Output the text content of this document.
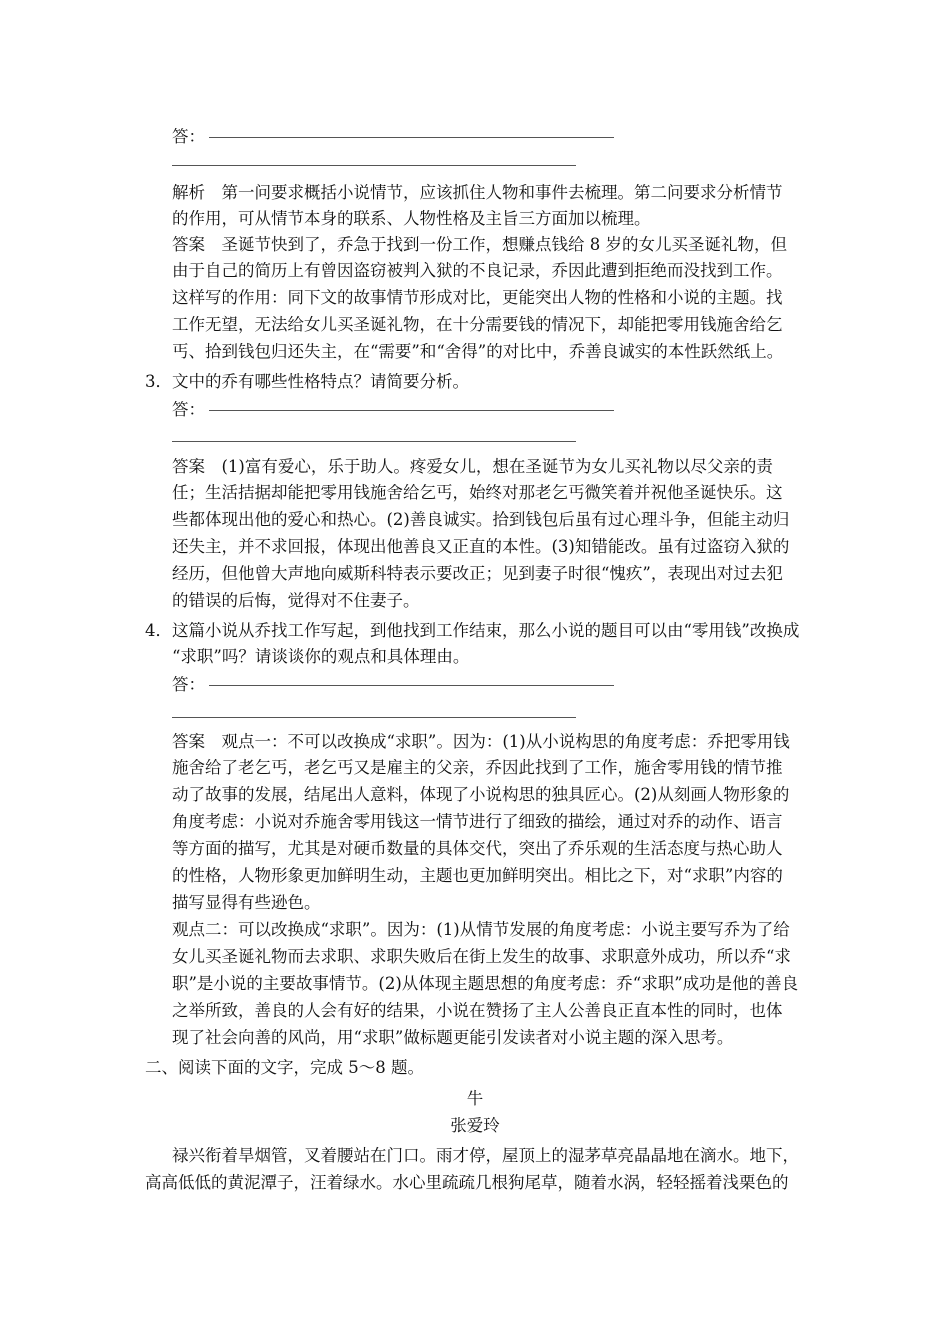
答：
解析　第一问要求概括小说情节，应该抓住人物和事件去梳理。第二问要求分析情节
的作用，可从情节本身的联系、人物性格及主旨三方面加以梳理。
答案　圣诞节快到了，乔急于找到一份工作，想赚点钱给 8 岁的女儿买圣诞礼物，但
由于自己的简历上有曾因盗窃被判入狱的不良记录，乔因此遭到拒绝而没找到工作。
这样写的作用：同下文的故事情节形成对比，更能突出人物的性格和小说的主题。找
工作无望，无法给女儿买圣诞礼物，在十分需要钱的情况下，却能把零用钱施舍给乞
丐、拾到钱包归还失主，在“需要”和“舍得”的对比中，乔善良诚实的本性跃然纸上。
3．文中的乔有哪些性格特点？请简要分析。
答：
答案　(1)富有爱心，乐于助人。疼爱女儿，想在圣诞节为女儿买礼物以尽父亲的责
任；生活拮据却能把零用钱施舍给乞丐，始终对那老乞丐微笑着并祝他圣诞快乐。这
些都体现出他的爱心和热心。(2)善良诚实。拾到钱包后虽有过心理斗争，但能主动归
还失主，并不求回报，体现出他善良又正直的本性。(3)知错能改。虽有过盗窃入狱的
经历，但他曾大声地向威斯科特表示要改正；见到妻子时很“愧疚”，表现出对过去犯
的错误的后悔，觉得对不住妻子。
4．这篇小说从乔找工作写起，到他找到工作结束，那么小说的题目可以由“零用钱”改换成
“求职”吗？请谈谈你的观点和具体理由。
答：
答案　观点一：不可以改换成“求职”。因为：(1)从小说构思的角度考虑：乔把零用钱
施舍给了老乞丐，老乞丐又是雇主的父亲，乔因此找到了工作，施舍零用钱的情节推
动了故事的发展，结尾出人意料，体现了小说构思的独具匠心。(2)从刻画人物形象的
角度考虑：小说对乔施舍零用钱这一情节进行了细致的描绘，通过对乔的动作、语言
等方面的描写，尤其是对硬币数量的具体交代，突出了乔乐观的生活态度与热心助人
的性格，人物形象更加鲜明生动，主题也更加鲜明突出。相比之下，对“求职”内容的
描写显得有些逊色。
观点二：可以改换成“求职”。因为：(1)从情节发展的角度考虑：小说主要写乔为了给
女儿买圣诞礼物而去求职、求职失败后在街上发生的故事、求职意外成功，所以乔“求
职”是小说的主要故事情节。(2)从体现主题思想的角度考虑：乔“求职”成功是他的善良
之举所致，善良的人会有好的结果，小说在赞扬了主人公善良正直本性的同时，也体
现了社会向善的风尚，用“求职”做标题更能引发读者对小说主题的深入思考。
二、阅读下面的文字，完成 5～8 题。
牛
张爱玲
禄兴衔着旱烟管，叉着腰站在门口。雨才停，屋顶上的湿茅草亮晶晶地在滴水。地下，
高高低低的黄泥潭子，汪着绿水。水心里疏疏几根狗尾草，随着水涡，轻轻摇着浅栗色的
